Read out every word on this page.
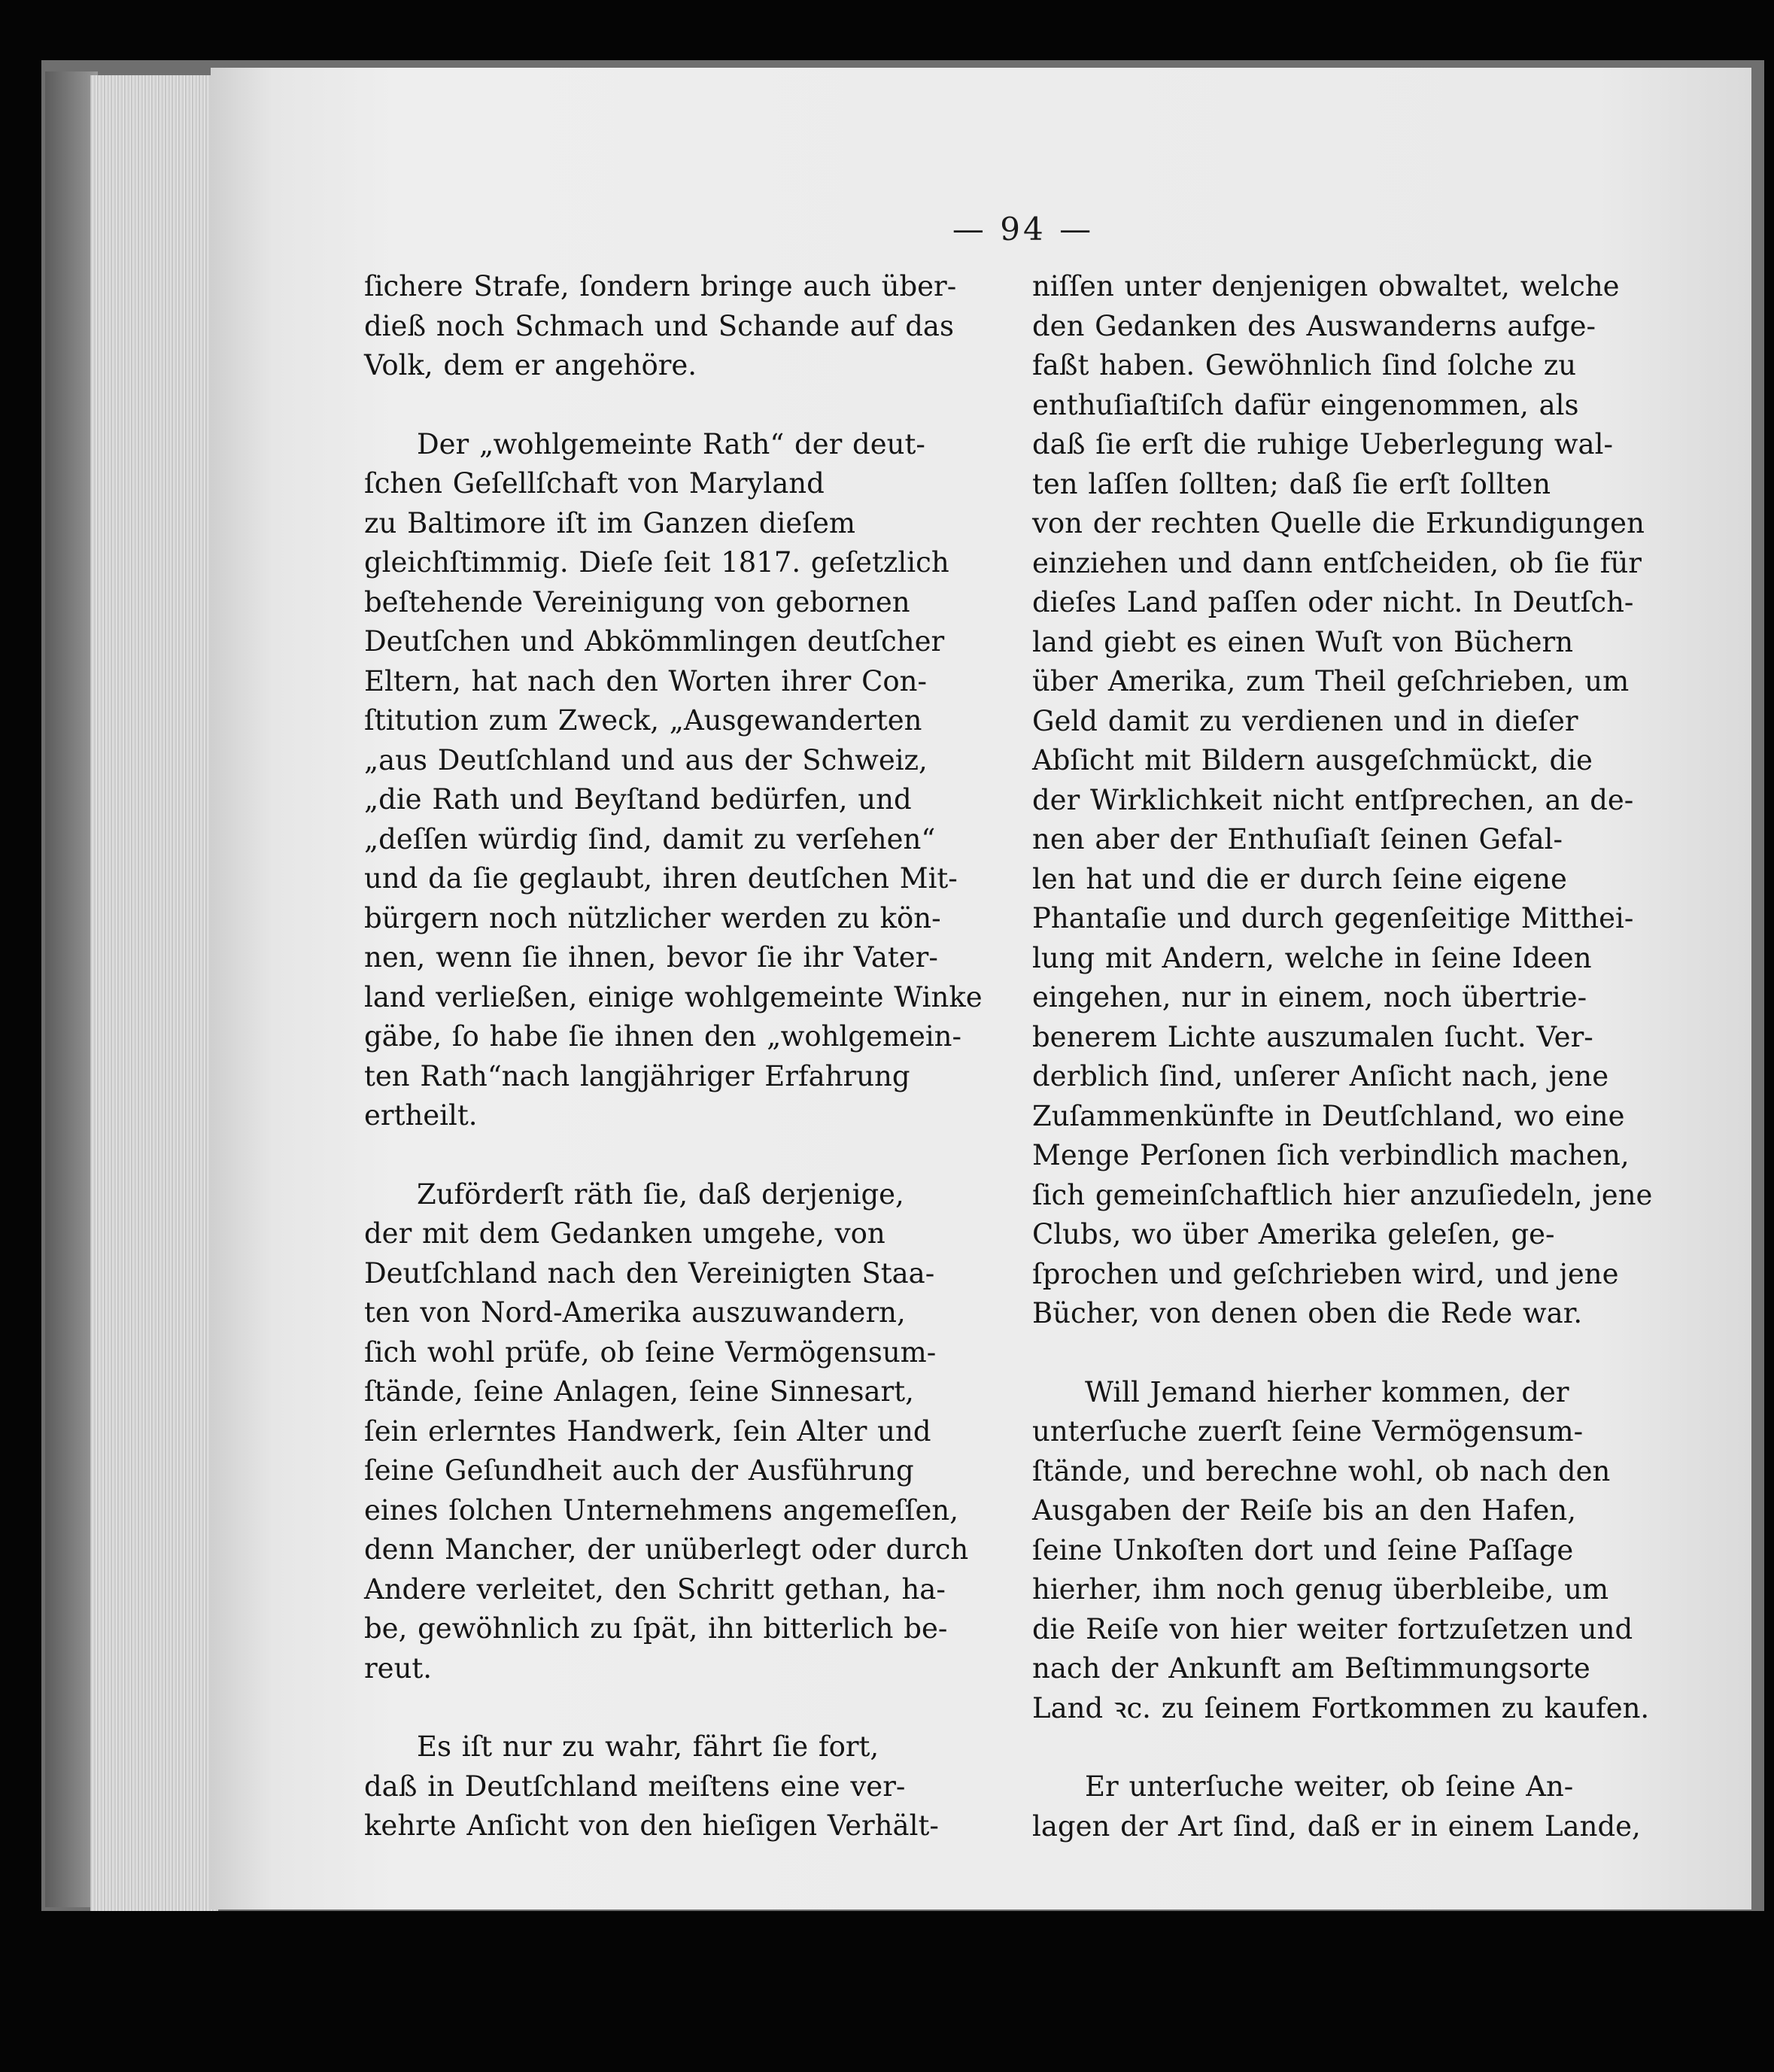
— 94 —

ſichere Strafe, ſondern bringe auch über-
dieß noch Schmach und Schande auf das
Volk, dem er angehöre.

Der „wohlgemeinte Rath“ der deut-
ſchen Geſellſchaft von Maryland
zu Baltimore iſt im Ganzen dieſem
gleichſtimmig. Dieſe ſeit 1817. geſetzlich
beſtehende Vereinigung von gebornen
Deutſchen und Abkömmlingen deutſcher
Eltern, hat nach den Worten ihrer Con-
ſtitution zum Zweck, „Ausgewanderten
„aus Deutſchland und aus der Schweiz,
„die Rath und Beyſtand bedürfen, und
„deſſen würdig ſind, damit zu verſehen“
und da ſie geglaubt, ihren deutſchen Mit-
bürgern noch nützlicher werden zu kön-
nen, wenn ſie ihnen, bevor ſie ihr Vater-
land verließen, einige wohlgemeinte Winke
gäbe, ſo habe ſie ihnen den „wohlgemein-
ten Rath“nach langjähriger Erfahrung
ertheilt.

Zuförderſt räth ſie, daß derjenige,
der mit dem Gedanken umgehe, von
Deutſchland nach den Vereinigten Staa-
ten von Nord-Amerika auszuwandern,
ſich wohl prüfe, ob ſeine Vermögensum-
ſtände, ſeine Anlagen, ſeine Sinnesart,
ſein erlerntes Handwerk, ſein Alter und
ſeine Geſundheit auch der Ausführung
eines ſolchen Unternehmens angemeſſen,
denn Mancher, der unüberlegt oder durch
Andere verleitet, den Schritt gethan, ha-
be, gewöhnlich zu ſpät, ihn bitterlich be-
reut.

Es iſt nur zu wahr, fährt ſie fort,
daß in Deutſchland meiſtens eine ver-
kehrte Anſicht von den hieſigen Verhält-

niſſen unter denjenigen obwaltet, welche
den Gedanken des Auswanderns aufge-
faßt haben. Gewöhnlich ſind ſolche zu
enthuſiaſtiſch dafür eingenommen, als
daß ſie erſt die ruhige Ueberlegung wal-
ten laſſen ſollten; daß ſie erſt ſollten
von der rechten Quelle die Erkundigungen
einziehen und dann entſcheiden, ob ſie für
dieſes Land paſſen oder nicht. In Deutſch-
land giebt es einen Wuſt von Büchern
über Amerika, zum Theil geſchrieben, um
Geld damit zu verdienen und in dieſer
Abſicht mit Bildern ausgeſchmückt, die
der Wirklichkeit nicht entſprechen, an de-
nen aber der Enthuſiaſt ſeinen Gefal-
len hat und die er durch ſeine eigene
Phantaſie und durch gegenſeitige Mitthei-
lung mit Andern, welche in ſeine Ideen
eingehen, nur in einem, noch übertrie-
benerem Lichte auszumalen ſucht. Ver-
derblich ſind, unſerer Anſicht nach, jene
Zuſammenkünfte in Deutſchland, wo eine
Menge Perſonen ſich verbindlich machen,
ſich gemeinſchaftlich hier anzuſiedeln, jene
Clubs, wo über Amerika geleſen, ge-
ſprochen und geſchrieben wird, und jene
Bücher, von denen oben die Rede war.

Will Jemand hierher kommen, der
unterſuche zuerſt ſeine Vermögensum-
ſtände, und berechne wohl, ob nach den
Ausgaben der Reiſe bis an den Hafen,
ſeine Unkoſten dort und ſeine Paſſage
hierher, ihm noch genug überbleibe, um
die Reiſe von hier weiter fortzuſetzen und
nach der Ankunft am Beſtimmungsorte
Land ꝛc. zu ſeinem Fortkommen zu kaufen.

Er unterſuche weiter, ob ſeine An-
lagen der Art ſind, daß er in einem Lande,
